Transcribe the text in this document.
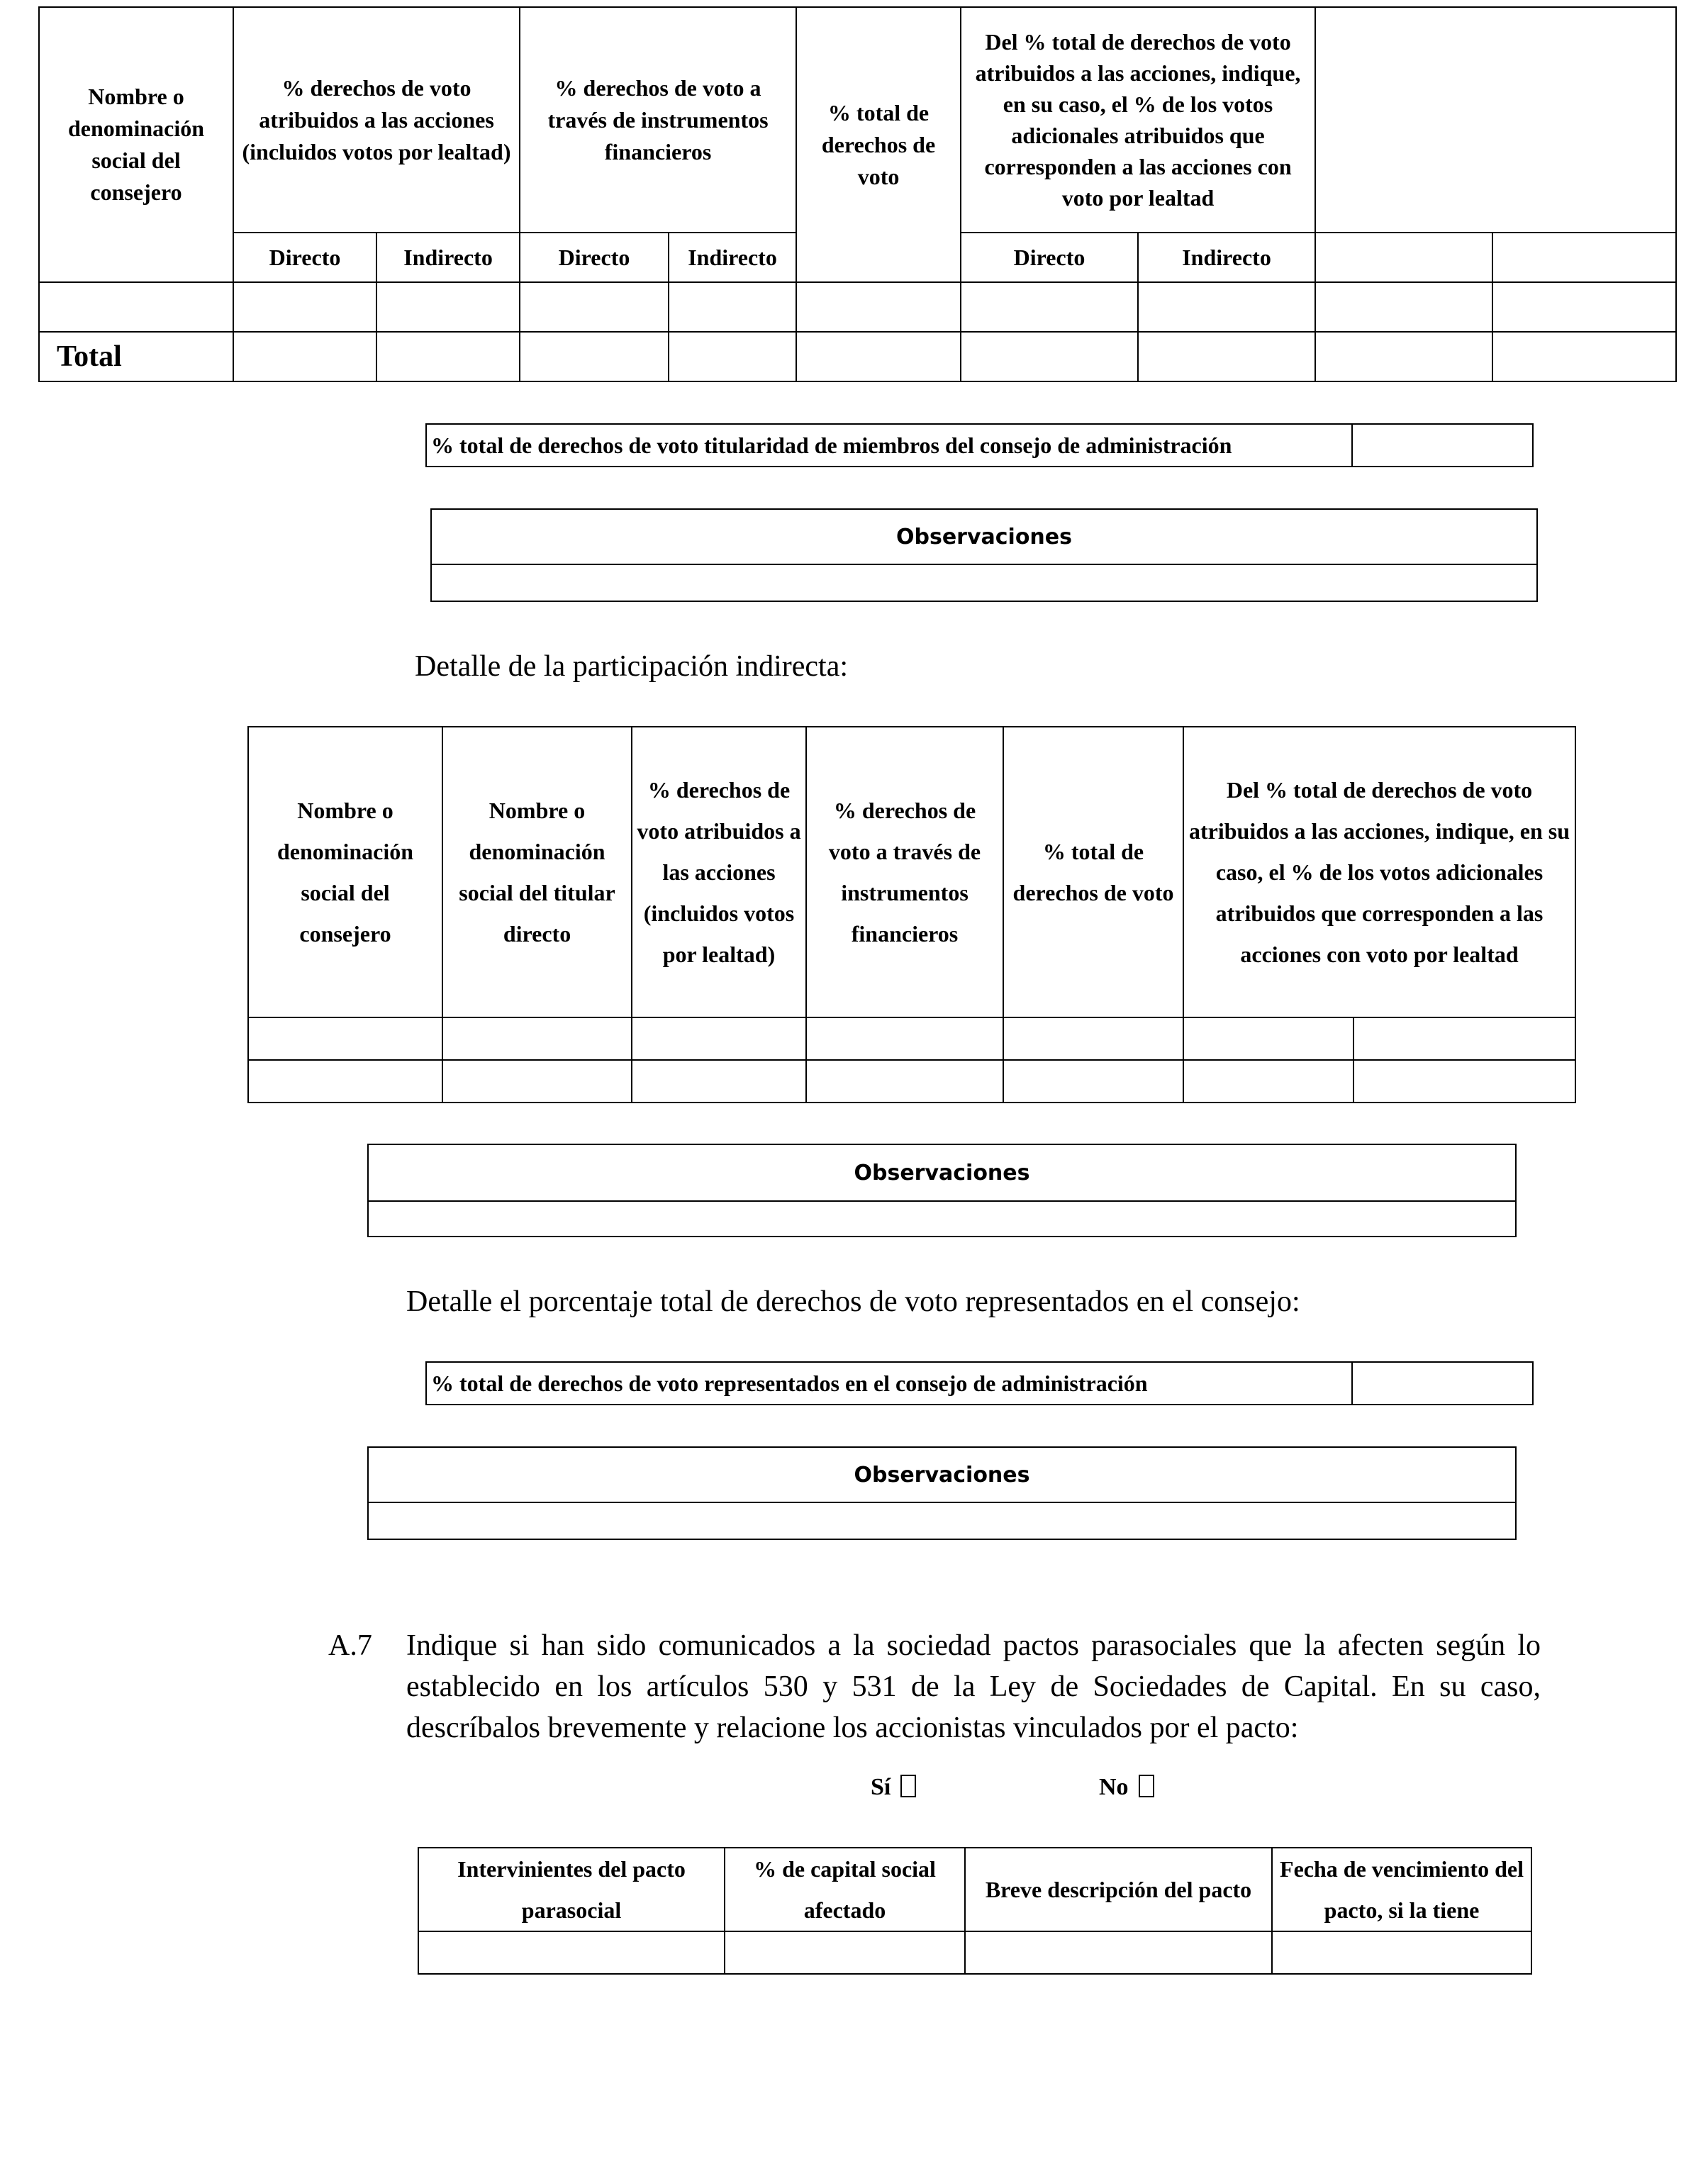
Nombre o denominación social del consejero	% derechos de voto atribuidos a las acciones (incluidos votos por lealtad)		% derechos de voto a través de instrumentos financieros		% total de derechos de voto	Del % total de derechos de voto atribuidos a las acciones, indique, en su caso, el % de los votos adicionales atribuidos que corresponden a las acciones con voto por lealtad			
	Directo	Indirecto	Directo	Indirecto		Directo	Indirecto		

Total									
% total de derechos de voto titularidad de miembros del consejo de administración	
Observaciones

Detalle de la participación indirecta:
Nombre o denominación social del consejero	Nombre o denominación social del titular directo	% derechos de voto atribuidos a las acciones (incluidos votos por lealtad)	% derechos de voto a través de instrumentos financieros	% total de derechos de voto	Del % total de derechos de voto atribuidos a las acciones, indique, en su caso, el % de los votos adicionales atribuidos que corresponden a las acciones con voto por lealtad	

Observaciones

Detalle el porcentaje total de derechos de voto representados en el consejo:
% total de derechos de voto representados en el consejo de administración	
Observaciones

A.7 Indique si han sido comunicados a la sociedad pactos parasociales que la afecten según lo establecido en los artículos 530 y 531 de la Ley de Sociedades de Capital. En su caso, descríbalos brevemente y relacione los accionistas vinculados por el pacto:
Sí	No
Intervinientes del pacto parasocial	% de capital social afectado	Breve descripción del pacto	Fecha de vencimiento del pacto, si la tiene
